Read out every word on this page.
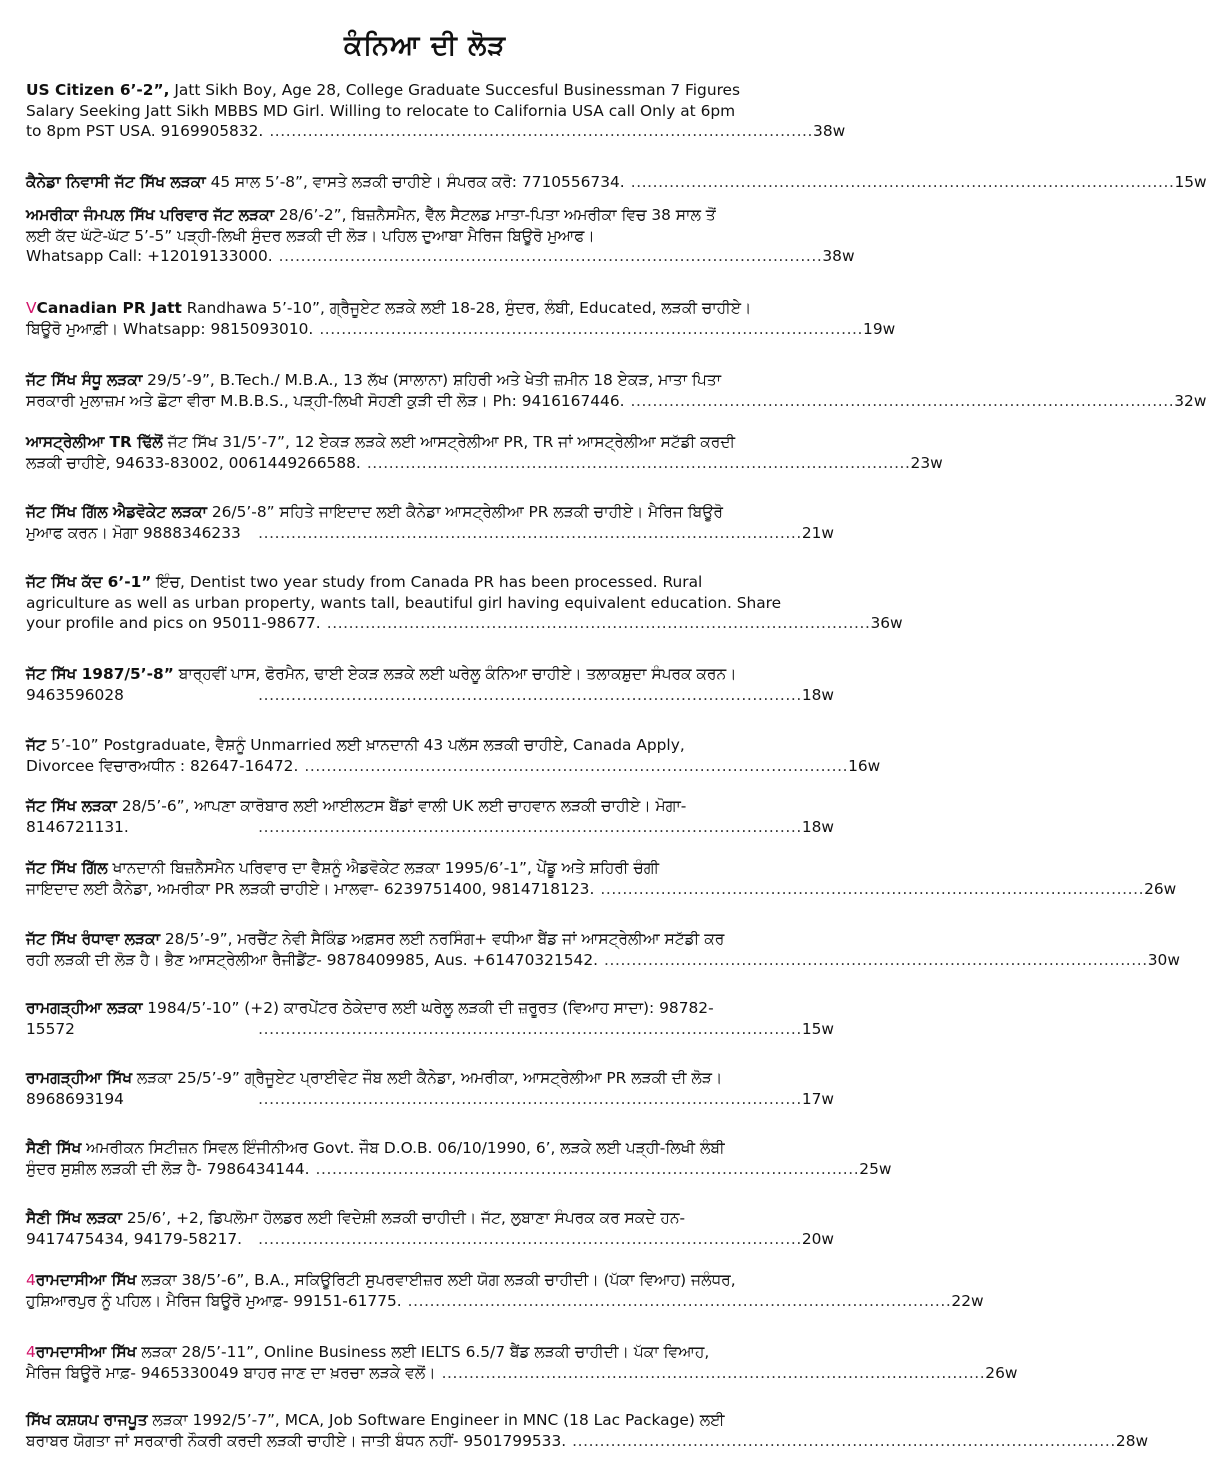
ਕੰਨਿਆ ਦੀ ਲੋੜ
US Citizen 6’-2”, Jatt Sikh Boy, Age 28, College Graduate Succesful Businessman 7 Figures
Salary Seeking Jatt Sikh MBBS MD Girl. Willing to relocate to California USA call Only at 6pm
to 8pm PST USA. 9169905832. ................................................................................................... 38w
ਕੈਨੇਡਾ ਨਿਵਾਸੀ ਜੱਟ ਸਿੱਖ ਲੜਕਾ 45 ਸਾਲ 5’-8”, ਵਾਸਤੇ ਲੜਕੀ ਚਾਹੀਏ। ਸੰਪਰਕ ਕਰੋ: 7710556734. ................................................................................................... 15w
ਅਮਰੀਕਾ ਜੰਮਪਲ ਸਿੱਖ ਪਰਿਵਾਰ ਜੱਟ ਲੜਕਾ 28/6’-2”, ਬਿਜ਼ਨੈਸਮੈਨ, ਵੈੱਲ ਸੈਟਲਡ ਮਾਤਾ-ਪਿਤਾ ਅਮਰੀਕਾ ਵਿਚ 38 ਸਾਲ ਤੋਂ
ਲਈ ਕੱਦ ਘੱਟੋ-ਘੱਟ 5’-5” ਪੜ੍ਹੀ-ਲਿਖੀ ਸੁੰਦਰ ਲੜਕੀ ਦੀ ਲੋੜ। ਪਹਿਲ ਦੁਆਬਾ ਮੈਰਿਜ ਬਿਊਰੋ ਮੁਆਫ।
Whatsapp Call: +12019133000. ................................................................................................... 38w
VCanadian PR Jatt Randhawa 5’-10”, ਗ੍ਰੈਜੂਏਟ ਲੜਕੇ ਲਈ 18-28, ਸੁੰਦਰ, ਲੰਬੀ, Educated, ਲੜਕੀ ਚਾਹੀਏ।
ਬਿਊਰੋ ਮੁਆਫ਼ੀ। Whatsapp: 9815093010. ................................................................................................... 19w
ਜੱਟ ਸਿੱਖ ਸੰਧੂ ਲੜਕਾ 29/5’-9”, B.Tech./ M.B.A., 13 ਲੱਖ (ਸਾਲਾਨਾ) ਸ਼ਹਿਰੀ ਅਤੇ ਖੇਤੀ ਜ਼ਮੀਨ 18 ਏਕੜ, ਮਾਤਾ ਪਿਤਾ
ਸਰਕਾਰੀ ਮੁਲਾਜ਼ਮ ਅਤੇ ਛੋਟਾ ਵੀਰਾ M.B.B.S., ਪੜ੍ਹੀ-ਲਿਖੀ ਸੋਹਣੀ ਕੁੜੀ ਦੀ ਲੋੜ। Ph: 9416167446. ................................................................................................... 32w
ਆਸਟ੍ਰੇਲੀਆ TR ਢਿੱਲੋਂ ਜੱਟ ਸਿੱਖ 31/5’-7”, 12 ਏਕੜ ਲੜਕੇ ਲਈ ਆਸਟ੍ਰੇਲੀਆ PR, TR ਜਾਂ ਆਸਟ੍ਰੇਲੀਆ ਸਟੱਡੀ ਕਰਦੀ
ਲੜਕੀ ਚਾਹੀਏ, 94633-83002, 0061449266588. ................................................................................................... 23w
ਜੱਟ ਸਿੱਖ ਗਿੱਲ ਐਡਵੋਕੇਟ ਲੜਕਾ 26/5’-8” ਸਹਿਤੇ ਜਾਇਦਾਦ ਲਈ ਕੈਨੇਡਾ ਆਸਟ੍ਰੇਲੀਆ PR ਲੜਕੀ ਚਾਹੀਏ। ਮੈਰਿਜ ਬਿਊਰੋ
ਮੁਆਫ ਕਰਨ। ਮੋਗਾ 9888346233	................................................................................................... 21w
ਜੱਟ ਸਿੱਖ ਕੱਦ 6’-1” ਇੰਚ, Dentist two year study from Canada PR has been processed. Rural
agriculture as well as urban property, wants tall, beautiful girl having equivalent education. Share
your profile and pics on 95011-98677. ................................................................................................... 36w
ਜੱਟ ਸਿੱਖ 1987/5’-8” ਬਾਰ੍ਹਵੀਂ ਪਾਸ, ਫੋਰਮੈਨ, ਢਾਈ ਏਕੜ ਲੜਕੇ ਲਈ ਘਰੇਲੂ ਕੰਨਿਆ ਚਾਹੀਏ। ਤਲਾਕਸ਼ੁਦਾ ਸੰਪਰਕ ਕਰਨ।
9463596028	................................................................................................... 18w
ਜੱਟ 5’-10” Postgraduate, ਵੈਸ਼ਨੂੰ Unmarried ਲਈ ਖ਼ਾਨਦਾਨੀ 43 ਪਲੱਸ ਲੜਕੀ ਚਾਹੀਏ, Canada Apply,
Divorcee ਵਿਚਾਰਅਧੀਨ : 82647-16472. ................................................................................................... 16w
ਜੱਟ ਸਿੱਖ ਲੜਕਾ 28/5’-6”, ਆਪਣਾ ਕਾਰੋਬਾਰ ਲਈ ਆਈਲਟਸ ਬੈਂਡਾਂ ਵਾਲੀ UK ਲਈ ਚਾਹਵਾਨ ਲੜਕੀ ਚਾਹੀਏ। ਮੋਗਾ-
8146721131.	................................................................................................... 18w
ਜੱਟ ਸਿੱਖ ਗਿੱਲ ਖਾਨਦਾਨੀ ਬਿਜ਼ਨੈਸਮੈਨ ਪਰਿਵਾਰ ਦਾ ਵੈਸ਼ਨੂੰ ਐਡਵੋਕੇਟ ਲੜਕਾ 1995/6’-1”, ਪੇਂਡੂ ਅਤੇ ਸ਼ਹਿਰੀ ਚੰਗੀ
ਜਾਇਦਾਦ ਲਈ ਕੈਨੇਡਾ, ਅਮਰੀਕਾ PR ਲੜਕੀ ਚਾਹੀਏ। ਮਾਲਵਾ- 6239751400, 9814718123. ................................................................................................... 26w
ਜੱਟ ਸਿੱਖ ਰੰਧਾਵਾ ਲੜਕਾ 28/5’-9”, ਮਰਚੈਂਟ ਨੇਵੀ ਸੈਕਿੰਡ ਅਫ਼ਸਰ ਲਈ ਨਰਸਿੰਗ+ ਵਧੀਆ ਬੈਂਡ ਜਾਂ ਆਸਟ੍ਰੇਲੀਆ ਸਟੱਡੀ ਕਰ
ਰਹੀ ਲੜਕੀ ਦੀ ਲੋੜ ਹੈ। ਭੈਣ ਆਸਟ੍ਰੇਲੀਆ ਰੈਜੀਡੈਂਟ- 9878409985, Aus. +61470321542. ................................................................................................... 30w
ਰਾਮਗੜ੍ਹੀਆ ਲੜਕਾ 1984/5’-10” (+2) ਕਾਰਪੇਂਟਰ ਠੇਕੇਦਾਰ ਲਈ ਘਰੇਲੂ ਲੜਕੀ ਦੀ ਜ਼ਰੂਰਤ (ਵਿਆਹ ਸਾਦਾ): 98782-
15572	................................................................................................... 15w
ਰਾਮਗੜ੍ਹੀਆ ਸਿੱਖ ਲੜਕਾ 25/5’-9” ਗ੍ਰੈਜੂਏਟ ਪ੍ਰਾਈਵੇਟ ਜੌਬ ਲਈ ਕੈਨੇਡਾ, ਅਮਰੀਕਾ, ਆਸਟ੍ਰੇਲੀਆ PR ਲੜਕੀ ਦੀ ਲੋੜ।
8968693194	................................................................................................... 17w
ਸੈਣੀ ਸਿੱਖ ਅਮਰੀਕਨ ਸਿਟੀਜ਼ਨ ਸਿਵਲ ਇੰਜੀਨੀਅਰ Govt. ਜੌਬ D.O.B. 06/10/1990, 6’, ਲੜਕੇ ਲਈ ਪੜ੍ਹੀ-ਲਿਖੀ ਲੰਬੀ
ਸੁੰਦਰ ਸੁਸ਼ੀਲ ਲੜਕੀ ਦੀ ਲੋੜ ਹੈ- 7986434144. ................................................................................................... 25w
ਸੈਣੀ ਸਿੱਖ ਲੜਕਾ 25/6’, +2, ਡਿਪਲੋਮਾ ਹੋਲਡਰ ਲਈ ਵਿਦੇਸ਼ੀ ਲੜਕੀ ਚਾਹੀਦੀ। ਜੱਟ, ਲੁਬਾਣਾ ਸੰਪਰਕ ਕਰ ਸਕਦੇ ਹਨ-
9417475434, 94179-58217.	................................................................................................... 20w
4ਰਾਮਦਾਸੀਆ ਸਿੱਖ ਲੜਕਾ 38/5’-6”, B.A., ਸਕਿਊਰਿਟੀ ਸੁਪਰਵਾਈਜ਼ਰ ਲਈ ਯੋਗ ਲੜਕੀ ਚਾਹੀਦੀ। (ਪੱਕਾ ਵਿਆਹ) ਜਲੰਧਰ,
ਹੁਸ਼ਿਆਰਪੁਰ ਨੂੰ ਪਹਿਲ। ਮੈਰਿਜ ਬਿਊਰੋ ਮੁਆਫ਼- 99151-61775. ................................................................................................... 22w
4ਰਾਮਦਾਸੀਆ ਸਿੱਖ ਲੜਕਾ 28/5’-11”, Online Business ਲਈ IELTS 6.5/7 ਬੈਂਡ ਲੜਕੀ ਚਾਹੀਦੀ। ਪੱਕਾ ਵਿਆਹ,
ਮੈਰਿਜ ਬਿਊਰੋ ਮਾਫ਼- 9465330049 ਬਾਹਰ ਜਾਣ ਦਾ ਖ਼ਰਚਾ ਲੜਕੇ ਵਲੋਂ। ................................................................................................... 26w
ਸਿੱਖ ਕਸ਼ਯਪ ਰਾਜਪੂਤ ਲੜਕਾ 1992/5’-7”, MCA, Job Software Engineer in MNC (18 Lac Package) ਲਈ
ਬਰਾਬਰ ਯੋਗਤਾ ਜਾਂ ਸਰਕਾਰੀ ਨੌਕਰੀ ਕਰਦੀ ਲੜਕੀ ਚਾਹੀਏ। ਜਾਤੀ ਬੰਧਨ ਨਹੀਂ- 9501799533. ................................................................................................... 28w
